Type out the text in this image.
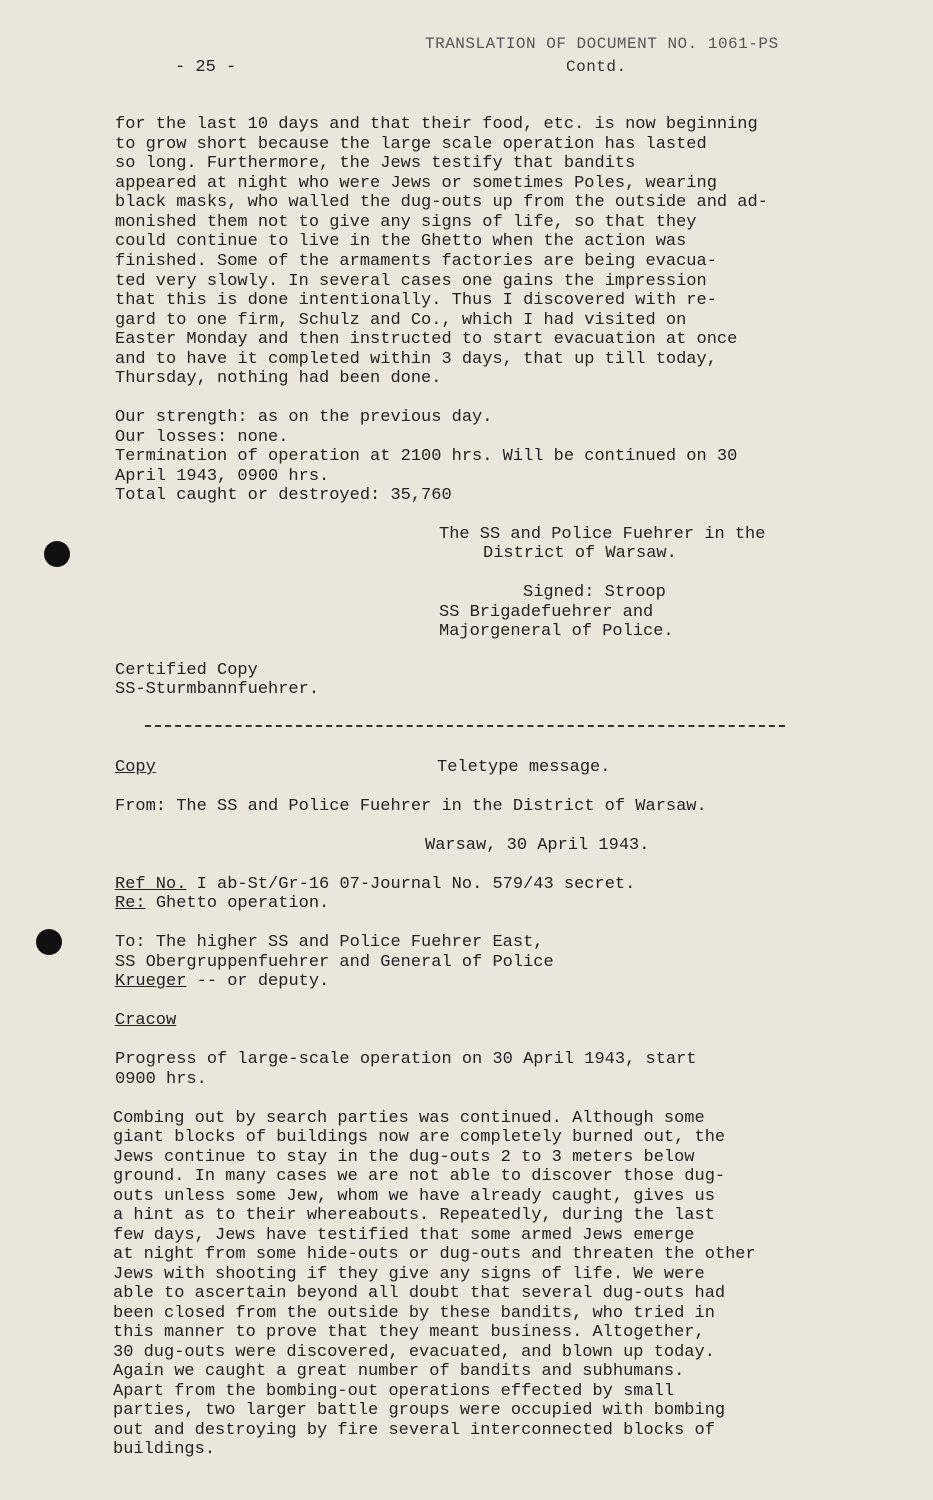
- 25 -
TRANSLATION OF DOCUMENT NO. 1061-PS
Contd.
for the last 10 days and that their food, etc. is now beginning
to grow short because the large scale operation has lasted
so long. Furthermore, the Jews testify that bandits
appeared at night who were Jews or sometimes Poles, wearing
black masks, who walled the dug-outs up from the outside and ad-
monished them not to give any signs of life, so that they
could continue to live in the Ghetto when the action was
finished. Some of the armaments factories are being evacua-
ted very slowly. In several cases one gains the impression
that this is done intentionally. Thus I discovered with re-
gard to one firm, Schulz and Co., which I had visited on
Easter Monday and then instructed to start evacuation at once
and to have it completed within 3 days, that up till today,
Thursday, nothing had been done.
Our strength: as on the previous day.
Our losses: none.
Termination of operation at 2100 hrs. Will be continued on 30
April 1943, 0900 hrs.
Total caught or destroyed: 35,760
The SS and Police Fuehrer in the
District of Warsaw.
Signed: Stroop
SS Brigadefuehrer and
Majorgeneral of Police.
Certified Copy
SS-Sturmbannfuehrer.
Copy	Teletype message.
From: The SS and Police Fuehrer in the District of Warsaw.
Warsaw, 30 April 1943.
Ref No. I ab-St/Gr-16 07-Journal No. 579/43 secret.
Re: Ghetto operation.
To: The higher SS and Police Fuehrer East,
SS Obergruppenfuehrer and General of Police
Krueger -- or deputy.
Cracow
Progress of large-scale operation on 30 April 1943, start
0900 hrs.
Combing out by search parties was continued. Although some
giant blocks of buildings now are completely burned out, the
Jews continue to stay in the dug-outs 2 to 3 meters below
ground. In many cases we are not able to discover those dug-
outs unless some Jew, whom we have already caught, gives us
a hint as to their whereabouts. Repeatedly, during the last
few days, Jews have testified that some armed Jews emerge
at night from some hide-outs or dug-outs and threaten the other
Jews with shooting if they give any signs of life. We were
able to ascertain beyond all doubt that several dug-outs had
been closed from the outside by these bandits, who tried in
this manner to prove that they meant business. Altogether,
30 dug-outs were discovered, evacuated, and blown up today.
Again we caught a great number of bandits and subhumans.
Apart from the bombing-out operations effected by small
parties, two larger battle groups were occupied with bombing
out and destroying by fire several interconnected blocks of
buildings.
